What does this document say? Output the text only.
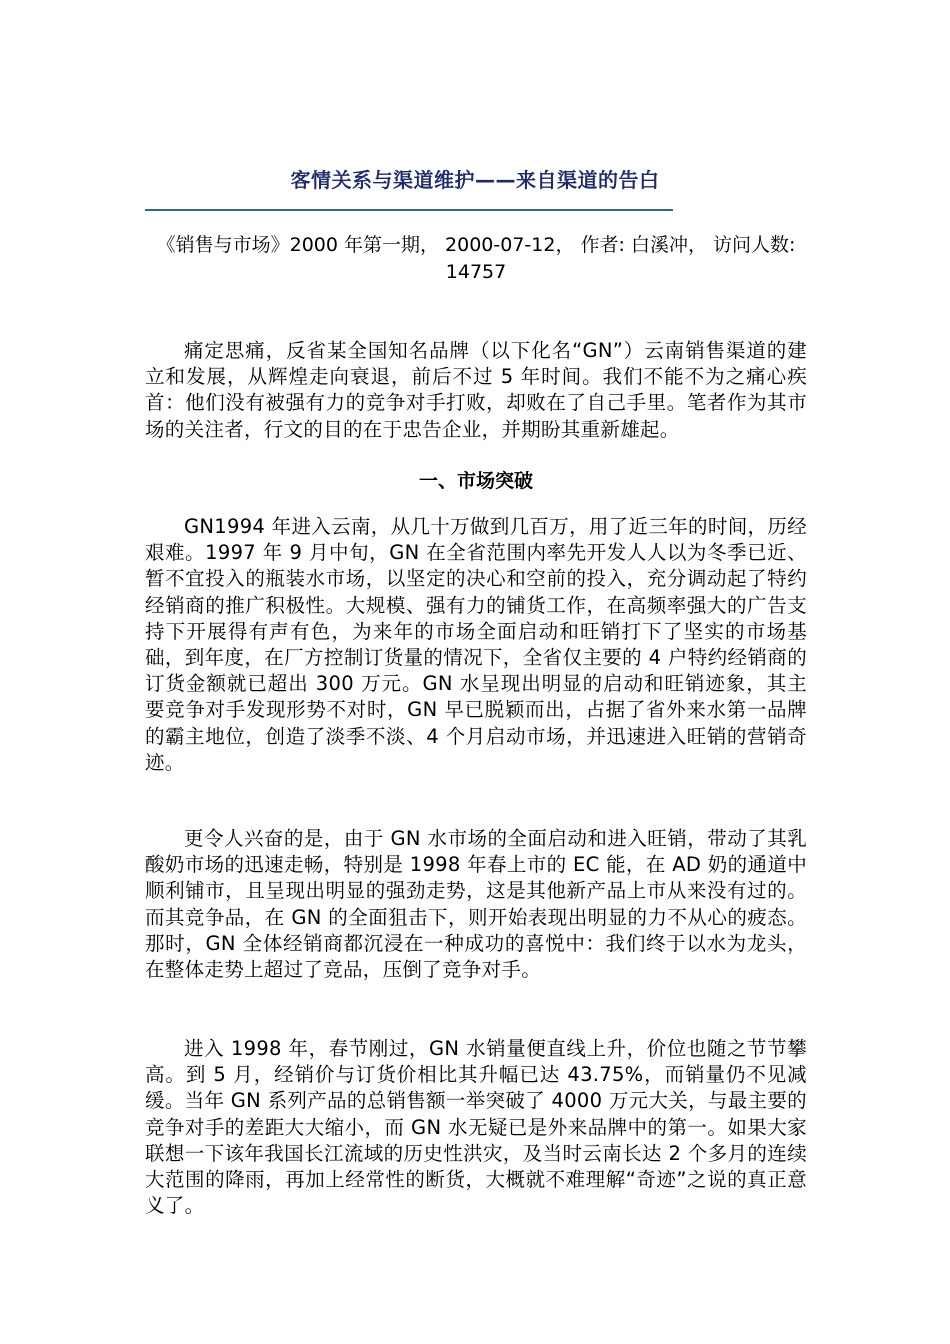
客情关系与渠道维护——来自渠道的告白

《销售与市场》2000 年第一期， 2000-07-12， 作者: 白溪冲， 访问人数: 14757

痛定思痛，反省某全国知名品牌（以下化名“GN”）云南销售渠道的建立和发展，从辉煌走向衰退，前后不过 5 年时间。我们不能不为之痛心疾首：他们没有被强有力的竞争对手打败，却败在了自己手里。笔者作为其市场的关注者，行文的目的在于忠告企业，并期盼其重新雄起。

一、市场突破

GN1994 年进入云南，从几十万做到几百万，用了近三年的时间，历经艰难。1997 年 9 月中旬，GN 在全省范围内率先开发人人以为冬季已近、暂不宜投入的瓶装水市场，以坚定的决心和空前的投入，充分调动起了特约经销商的推广积极性。大规模、强有力的铺货工作，在高频率强大的广告支持下开展得有声有色，为来年的市场全面启动和旺销打下了坚实的市场基础，到年度，在厂方控制订货量的情况下，全省仅主要的 4 户特约经销商的订货金额就已超出 300 万元。GN 水呈现出明显的启动和旺销迹象，其主要竞争对手发现形势不对时，GN 早已脱颖而出，占据了省外来水第一品牌的霸主地位，创造了淡季不淡、4 个月启动市场，并迅速进入旺销的营销奇迹。

更令人兴奋的是，由于 GN 水市场的全面启动和进入旺销，带动了其乳酸奶市场的迅速走畅，特别是 1998 年春上市的 EC 能，在 AD 奶的通道中顺利铺市，且呈现出明显的强劲走势，这是其他新产品上市从来没有过的。而其竞争品，在 GN 的全面狙击下，则开始表现出明显的力不从心的疲态。那时，GN 全体经销商都沉浸在一种成功的喜悦中：我们终于以水为龙头，在整体走势上超过了竞品，压倒了竞争对手。

进入 1998 年，春节刚过，GN 水销量便直线上升，价位也随之节节攀高。到 5 月，经销价与订货价相比其升幅已达 43.75%，而销量仍不见减缓。当年 GN 系列产品的总销售额一举突破了 4000 万元大关，与最主要的竞争对手的差距大大缩小，而 GN 水无疑已是外来品牌中的第一。如果大家联想一下该年我国长江流域的历史性洪灾，及当时云南长达 2 个多月的连续大范围的降雨，再加上经常性的断货，大概就不难理解“奇迹”之说的真正意义了。
